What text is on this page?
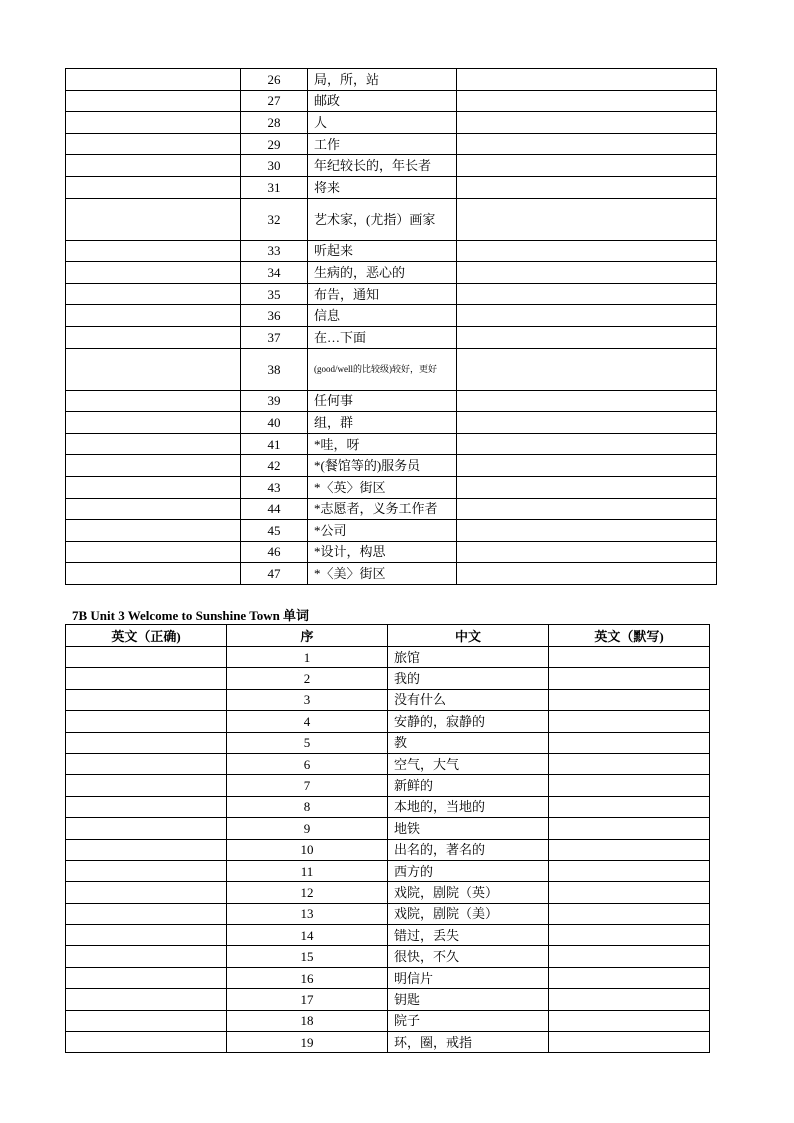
	26	局，所，站	
	27	邮政	
	28	人	
	29	工作	
	30	年纪较长的，年长者	
	31	将来	
	32	艺术家，(尤指）画家	
	33	听起来	
	34	生病的，恶心的	
	35	布告，通知	
	36	信息	
	37	在…下面	
	38	(good/well的比较级)较好，更好	
	39	任何事	
	40	组，群	
	41	*哇，呀	
	42	*(餐馆等的)服务员	
	43	*〈英〉街区	
	44	*志愿者，义务工作者	
	45	*公司	
	46	*设计，构思	
	47	*〈美〉街区	
7B Unit 3 Welcome to Sunshine Town 单词
英文（正确)	序	中文	英文（默写)
	1	旅馆	
	2	我的	
	3	没有什么	
	4	安静的，寂静的	
	5	教	
	6	空气，大气	
	7	新鲜的	
	8	本地的，当地的	
	9	地铁	
	10	出名的，著名的	
	11	西方的	
	12	戏院，剧院（英）	
	13	戏院，剧院（美）	
	14	错过，丢失	
	15	很快，不久	
	16	明信片	
	17	钥匙	
	18	院子	
	19	环，圈，戒指	
